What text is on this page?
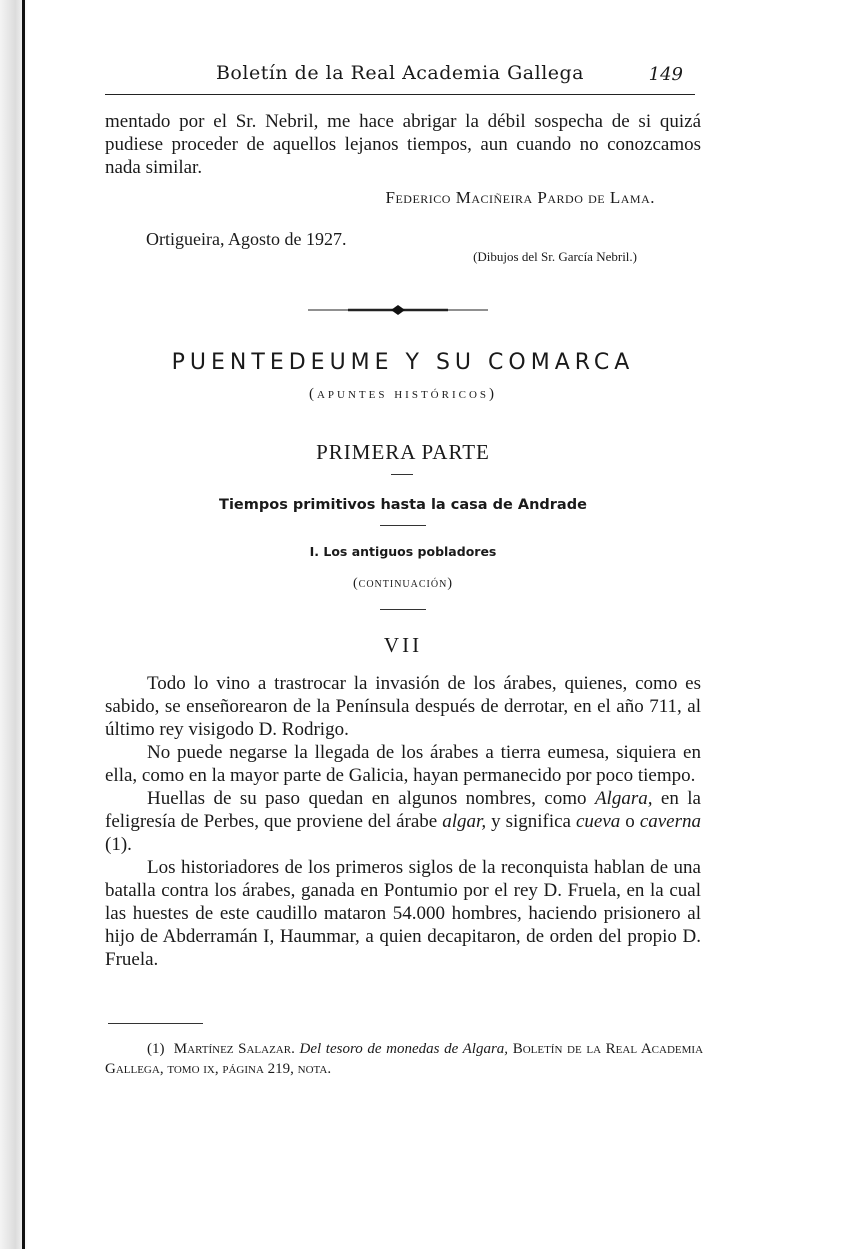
Boletín de la Real Academia Gallega	149

mentado por el Sr. Nebril, me hace abrigar la débil sospecha de si quizá pudiese proceder de aquellos lejanos tiempos, aun cuando no conozcamos nada similar.

Federico Maciñeira Pardo de Lama.
Ortigueira, Agosto de 1927.
(Dibujos del Sr. García Nebril.)
PUENTEDEUME Y SU COMARCA
(apuntes históricos)
PRIMERA PARTE
Tiempos primitivos hasta la casa de Andrade
I. Los antiguos pobladores
(continuación)
VII

Todo lo vino a trastrocar la invasión de los árabes, quienes, como es sabido, se enseñorearon de la Península después de derrotar, en el año 711, al último rey visigodo D. Rodrigo.

No puede negarse la llegada de los árabes a tierra eumesa, siquiera en ella, como en la mayor parte de Galicia, hayan permanecido por poco tiempo.

Huellas de su paso quedan en algunos nombres, como Algara, en la feligresía de Perbes, que proviene del árabe algar, y significa cueva o caverna (1).

Los historiadores de los primeros siglos de la reconquista hablan de una batalla contra los árabes, ganada en Pontumio por el rey D. Fruela, en la cual las huestes de este caudillo mataron 54.000 hombres, haciendo prisionero al hijo de Abderramán I, Haummar, a quien decapitaron, de orden del propio D. Fruela.

(1) Martínez Salazar. Del tesoro de monedas de Algara, Boletín de la Real Academia Gallega, tomo ix, página 219, nota.
